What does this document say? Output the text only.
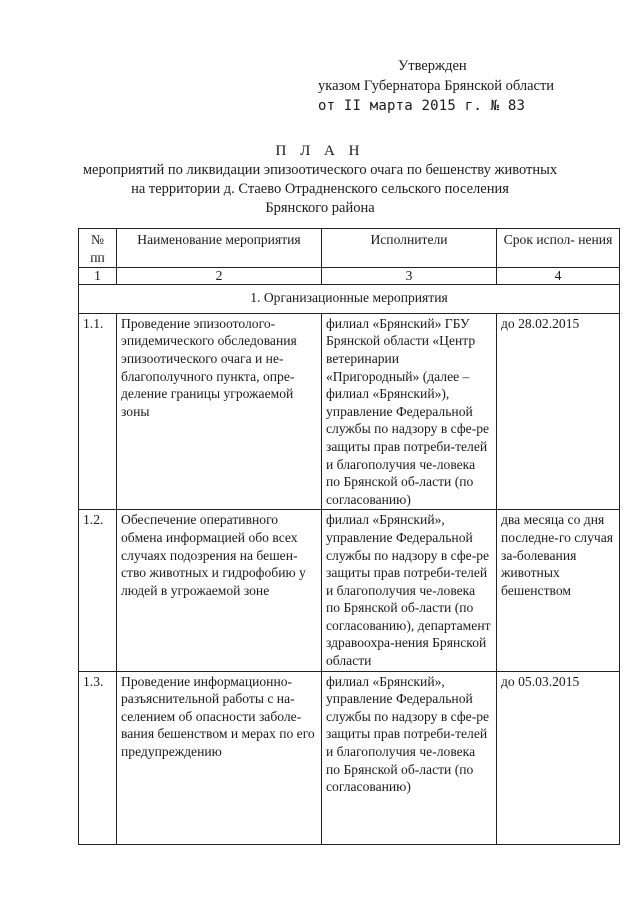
Утвержден
указом Губернатора Брянской области
от II марта 2015 г. № 83
П Л А Н
мероприятий по ликвидации эпизоотического очага по бешенству животных
на территории д. Стаево Отрадненского сельского поселения
Брянского района
№ пп	Наименование мероприятия	Исполнители	Срок испол- нения
1	2	3	4
1. Организационные мероприятия			
1.1.	Проведение эпизоотолого-эпидемического обследования эпизоотического очага и не-благополучного пункта, опре-деление границы угрожаемой зоны	филиал «Брянский» ГБУ Брянской области «Центр ветеринарии «Пригородный» (далее – филиал «Брянский»), управление Федеральной службы по надзору в сфе-ре защиты прав потреби-телей и благополучия че-ловека по Брянской об-ласти (по согласованию)	до 28.02.2015
1.2.	Обеспечение оперативного обмена информацией обо всех случаях подозрения на бешен-ство животных и гидрофобию у людей в угрожаемой зоне	филиал «Брянский», управление Федеральной службы по надзору в сфе-ре защиты прав потреби-телей и благополучия че-ловека по Брянской об-ласти (по согласованию), департамент здравоохра-нения Брянской области	два месяца со дня последне-го случая за-болевания животных бешенством
1.3.	Проведение информационно-разъяснительной работы с на-селением об опасности заболе-вания бешенством и мерах по его предупреждению	филиал «Брянский», управление Федеральной службы по надзору в сфе-ре защиты прав потреби-телей и благополучия че-ловека по Брянской об-ласти (по согласованию)	до 05.03.2015
